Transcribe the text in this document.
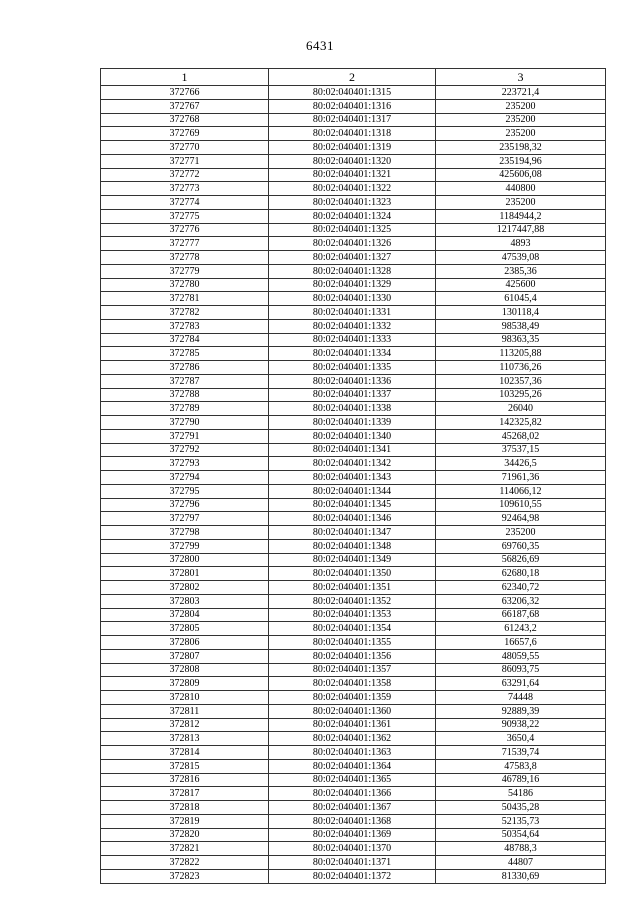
6431
1	2	3
372766	80:02:040401:1315	223721,4
372767	80:02:040401:1316	235200
372768	80:02:040401:1317	235200
372769	80:02:040401:1318	235200
372770	80:02:040401:1319	235198,32
372771	80:02:040401:1320	235194,96
372772	80:02:040401:1321	425606,08
372773	80:02:040401:1322	440800
372774	80:02:040401:1323	235200
372775	80:02:040401:1324	1184944,2
372776	80:02:040401:1325	1217447,88
372777	80:02:040401:1326	4893
372778	80:02:040401:1327	47539,08
372779	80:02:040401:1328	2385,36
372780	80:02:040401:1329	425600
372781	80:02:040401:1330	61045,4
372782	80:02:040401:1331	130118,4
372783	80:02:040401:1332	98538,49
372784	80:02:040401:1333	98363,35
372785	80:02:040401:1334	113205,88
372786	80:02:040401:1335	110736,26
372787	80:02:040401:1336	102357,36
372788	80:02:040401:1337	103295,26
372789	80:02:040401:1338	26040
372790	80:02:040401:1339	142325,82
372791	80:02:040401:1340	45268,02
372792	80:02:040401:1341	37537,15
372793	80:02:040401:1342	34426,5
372794	80:02:040401:1343	71961,36
372795	80:02:040401:1344	114066,12
372796	80:02:040401:1345	109610,55
372797	80:02:040401:1346	92464,98
372798	80:02:040401:1347	235200
372799	80:02:040401:1348	69760,35
372800	80:02:040401:1349	56826,69
372801	80:02:040401:1350	62680,18
372802	80:02:040401:1351	62340,72
372803	80:02:040401:1352	63206,32
372804	80:02:040401:1353	66187,68
372805	80:02:040401:1354	61243,2
372806	80:02:040401:1355	16657,6
372807	80:02:040401:1356	48059,55
372808	80:02:040401:1357	86093,75
372809	80:02:040401:1358	63291,64
372810	80:02:040401:1359	74448
372811	80:02:040401:1360	92889,39
372812	80:02:040401:1361	90938,22
372813	80:02:040401:1362	3650,4
372814	80:02:040401:1363	71539,74
372815	80:02:040401:1364	47583,8
372816	80:02:040401:1365	46789,16
372817	80:02:040401:1366	54186
372818	80:02:040401:1367	50435,28
372819	80:02:040401:1368	52135,73
372820	80:02:040401:1369	50354,64
372821	80:02:040401:1370	48788,3
372822	80:02:040401:1371	44807
372823	80:02:040401:1372	81330,69
